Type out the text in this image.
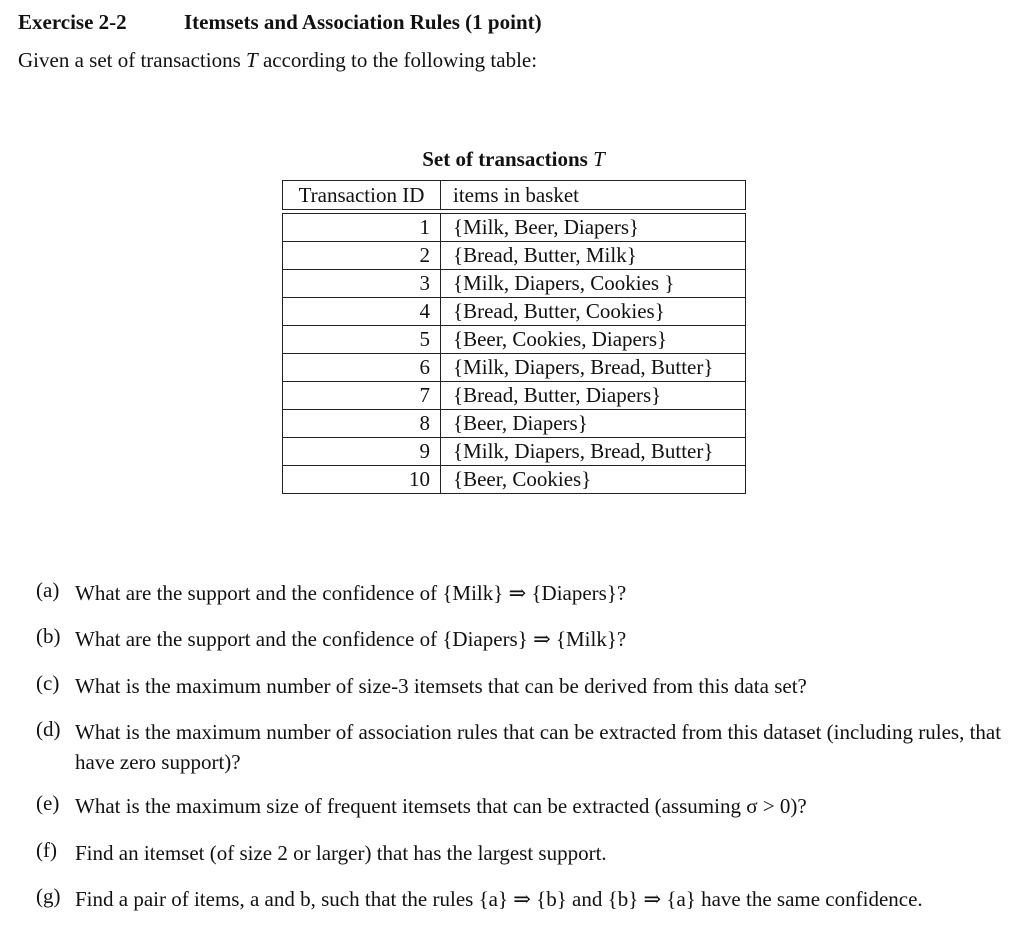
Exercise 2-2	Itemsets and Association Rules (1 point)
Given a set of transactions T according to the following table:
Set of transactions T
Transaction ID	items in basket

1	{Milk, Beer, Diapers}
2	{Bread, Butter, Milk}
3	{Milk, Diapers, Cookies }
4	{Bread, Butter, Cookies}
5	{Beer, Cookies, Diapers}
6	{Milk, Diapers, Bread, Butter}
7	{Bread, Butter, Diapers}
8	{Beer, Diapers}
9	{Milk, Diapers, Bread, Butter}
10	{Beer, Cookies}
(a) What are the support and the confidence of {Milk} ⇒ {Diapers}?
(b) What are the support and the confidence of {Diapers} ⇒ {Milk}?
(c) What is the maximum number of size-3 itemsets that can be derived from this data set?
(d) What is the maximum number of association rules that can be extracted from this dataset (including rules, that have zero support)?
(e) What is the maximum size of frequent itemsets that can be extracted (assuming σ > 0)?
(f) Find an itemset (of size 2 or larger) that has the largest support.
(g) Find a pair of items, a and b, such that the rules {a} ⇒ {b} and {b} ⇒ {a} have the same confidence.
